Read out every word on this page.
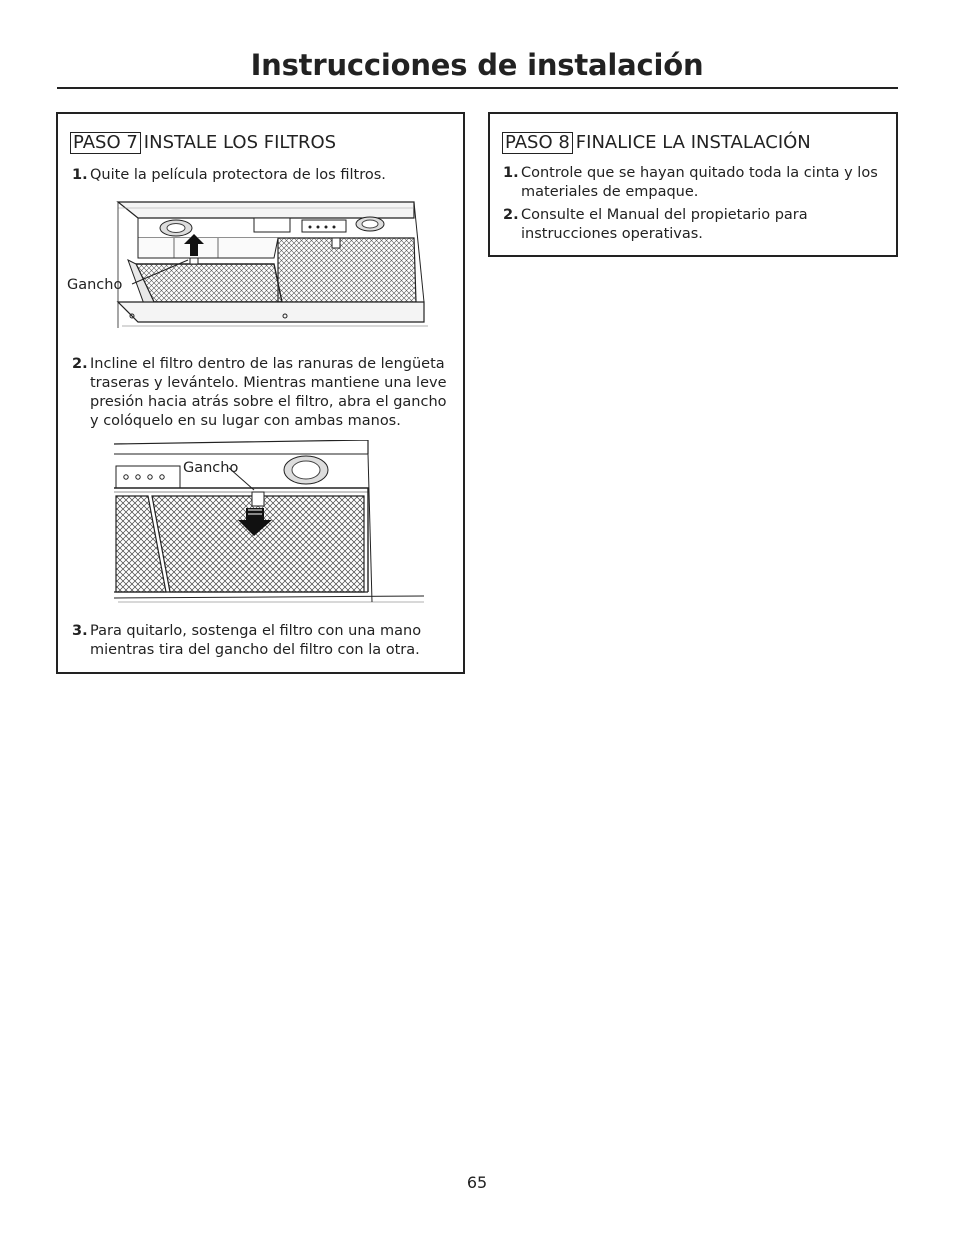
Instrucciones de instalación
PASO 7 INSTALE LOS FILTROS
1. Quite la película protectora de los filtros.
Gancho
2. Incline el filtro dentro de las ranuras de lengüeta traseras y levántelo. Mientras mantiene una leve presión hacia atrás sobre el filtro, abra el gancho y colóquelo en su lugar con ambas manos.
Gancho
3. Para quitarlo, sostenga el filtro con una mano mientras tira del gancho del filtro con la otra.
PASO 8 FINALICE LA INSTALACIÓN
1. Controle que se hayan quitado toda la cinta y los materiales de empaque.
2. Consulte el Manual del propietario para instrucciones operativas.
65
